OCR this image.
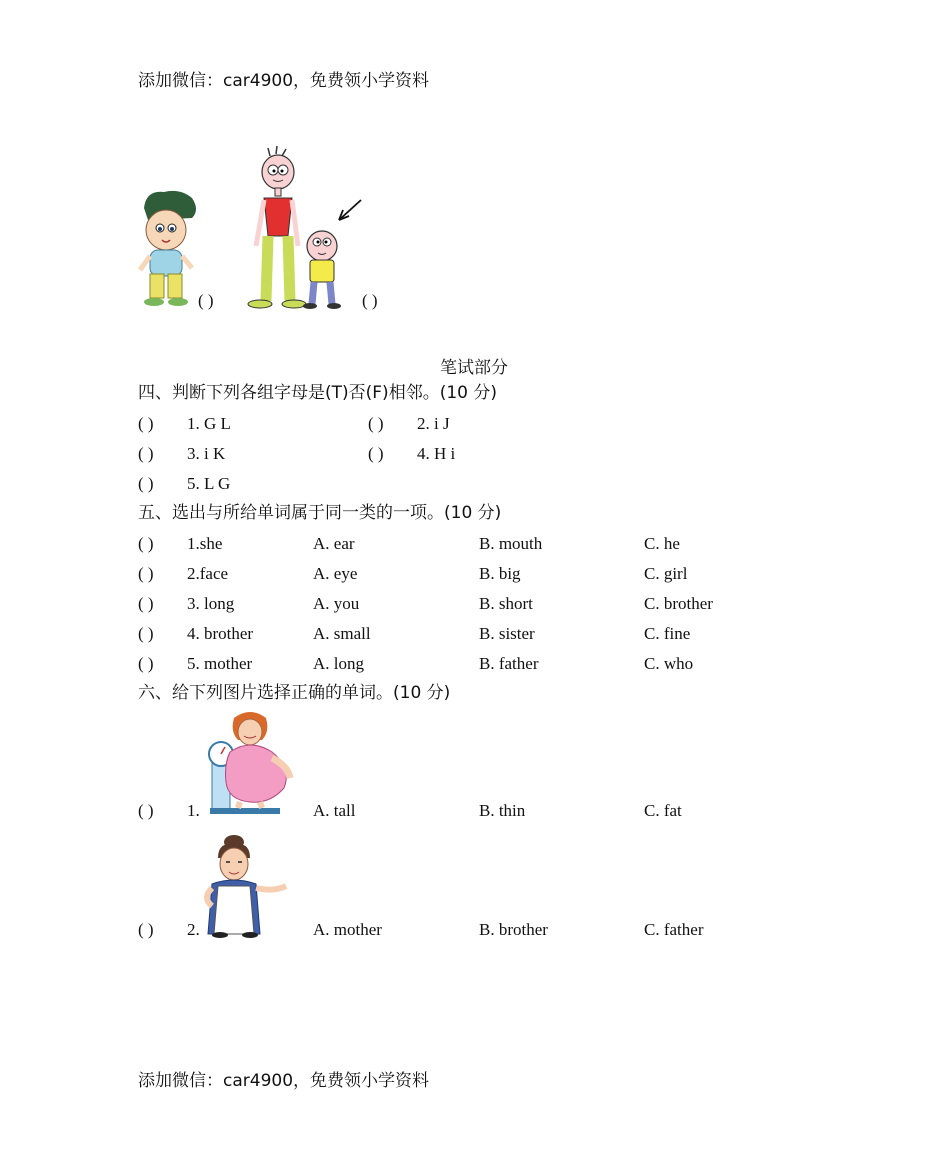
添加微信：car4900，免费领小学资料
( )	( )
笔试部分
四、判断下列各组字母是(T)否(F)相邻。(10 分)
( ) 1. G L	( ) 2. i J
( ) 3. i K	( ) 4. H i
( ) 5. L G
五、选出与所给单词属于同一类的一项。(10 分)
( ) 1.she	A. ear	B. mouth	C. he
( ) 2.face	A. eye	B. big	C. girl
( ) 3. long	A. you	B. short	C. brother
( ) 4. brother	A. small	B. sister	C. fine
( ) 5. mother	A. long	B. father	C. who
六、给下列图片选择正确的单词。(10 分)
( ) 1.	A. tall	B. thin	C. fat
( ) 2.	A. mother	B. brother	C. father
添加微信：car4900，免费领小学资料
